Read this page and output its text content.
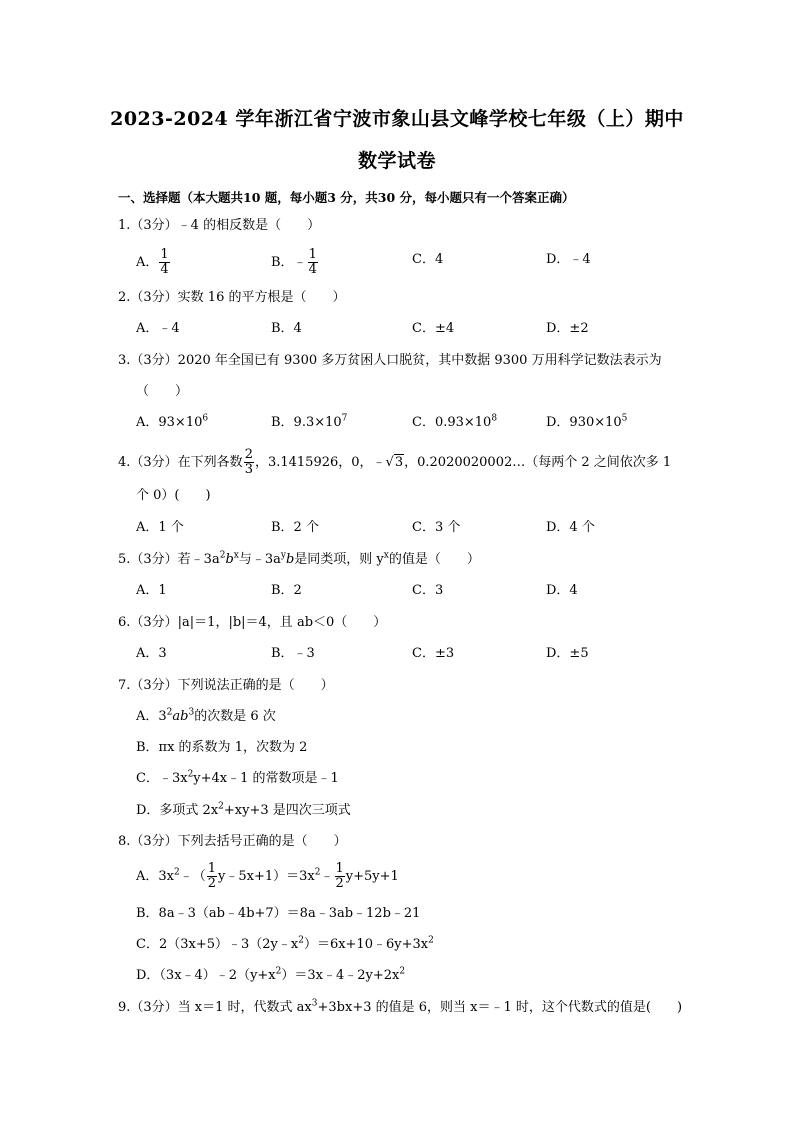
2023-2024 学年浙江省宁波市象山县文峰学校七年级（上）期中
数学试卷
一、选择题（本大题共10 题，每小题3 分，共30 分，每小题只有一个答案正确）
1.（3分）﹣4 的相反数是（　　）
A． $\frac{1}{4}$	B．﹣ $\frac{1}{4}$	C．4	D．﹣4
2.（3分）实数 16 的平方根是（　　）
A．﹣4	B．4	C．±4	D．±2
3.（3分）2020 年全国已有 9300 多万贫困人口脱贫，其中数据 9300 万用科学记数法表示为
（　　）
A．$93\times 10^6$	B．$9.3\times 10^7$	C．$0.93\times 10^8$	D．$930\times 10^5$
4.（3分）在下列各数 $\frac{2}{3}$ ，3.1415926，0，﹣√3，0.2020020002…（每两个 2 之间依次多 1
个 0）(　　)
A．1 个	B．2 个	C．3 个	D．4 个
5.（3分）若$﹣3a^2b^x$与$﹣3a^yb$是同类项，则 $y^x$的值是（　　）
A．1	B．2	C．3	D．4
6.（3分）|a|＝1，|b|＝4，且 ab＜0（　　）
A．3	B．﹣3	C．±3	D．±5
7.（3分）下列说法正确的是（　　）
A．$3^2ab^3$的次数是 6 次
B．πx 的系数为 1，次数为 2
C．$﹣3x^2y+4x﹣1$ 的常数项是﹣1
D．多项式 $2x^2+xy+3$ 是四次三项式
8.（3分）下列去括号正确的是（　　）
A．$3x^2﹣( \frac{1}{2}$ $y﹣5x+1)=3x^2﹣ \frac{1}{2} y+5y+1$
B．8a﹣3（ab﹣4b+7）＝8a﹣3ab﹣12b﹣21
C．$2(3x+5)﹣3(2y﹣x^2)=6x+10﹣6y+3x^2$
D．$(3x﹣4)﹣2(y+x^2)=3x﹣4﹣2y+2x^2$
9.（3分）当 x＝1 时，代数式 $ax^3+3bx+3$ 的值是 6，则当 x＝﹣1 时，这个代数式的值是(　　)
